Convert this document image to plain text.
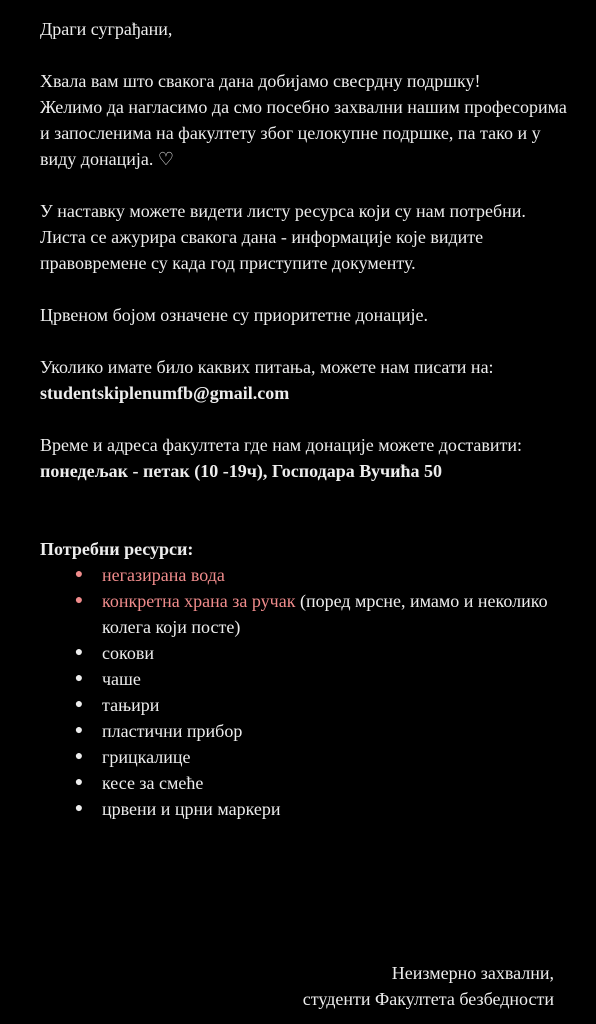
Драги суграђани,

Хвала вам што свакога дана добијамо свесрдну подршку!

Желимо да нагласимо да смо посебно захвални нашим професорима и запосленима на факултету због целокупне подршке, па тако и у виду донација. ♡

У наставку можете видети листу ресурса који су нам потребни.

Листа се ажурира свакога дана - информације које видите правовремене су када год приступите документу.

Црвеном бојом означене су приоритетне донације.

Уколико имате било каквих питања, можете нам писати на: studentskiplenumfb@gmail.com

Време и адреса факултета где нам донације можете доставити: понедељак - петак (10 -19ч), Господара Вучића 50

Потребни ресурси:

● негазирана вода
● конкретна храна за ручак (поред мрсне, имамо и неколико колега који посте)
● сокови
● чаше
● тањири
● пластични прибор
● грицкалице
● кесе за смеће
● црвени и црни маркери

Неизмерно захвални,

студенти Факултета безбедности
